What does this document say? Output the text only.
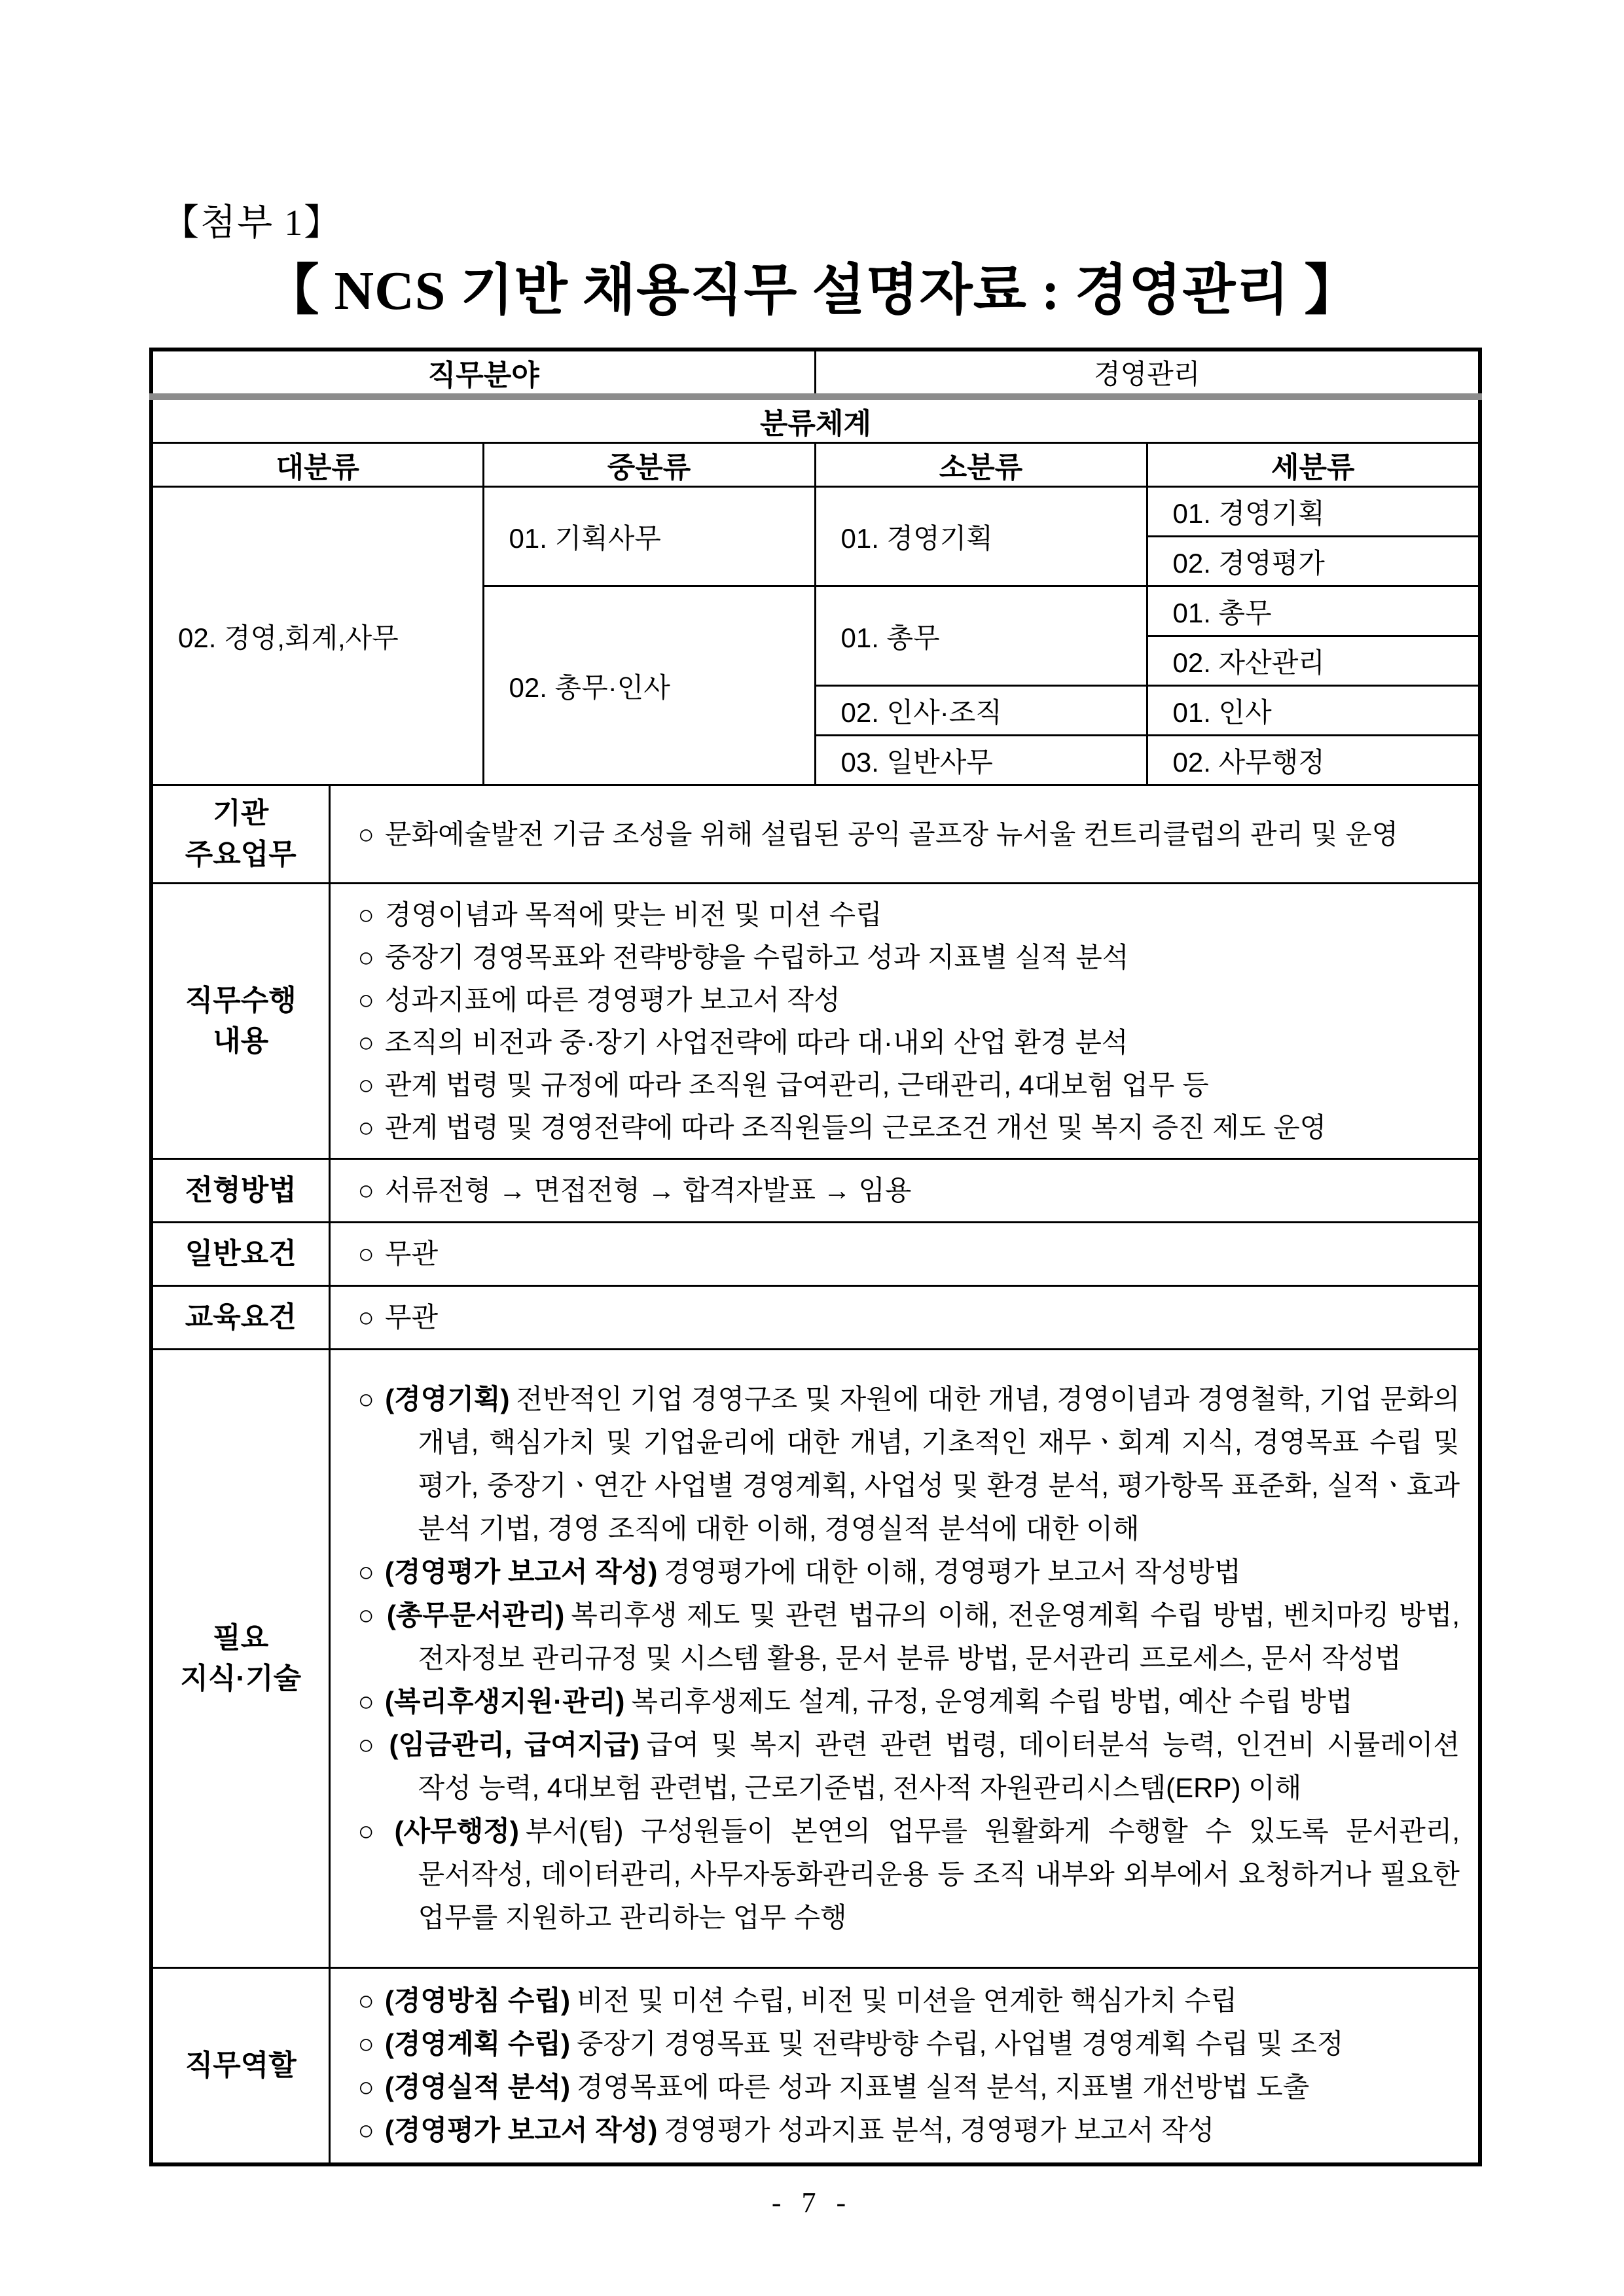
【첨부 1】
【 NCS 기반 채용직무 설명자료 : 경영관리 】
직무분야			경영관리	
분류체계				
대분류		중분류	소분류	세분류
02. 경영,회계,사무		01. 기획사무	01. 경영기획	01. 경영기획
				02. 경영평가
		02. 총무·인사	01. 총무	01. 총무
				02. 자산관리
			02. 인사·조직	01. 인사
			03. 일반사무	02. 사무행정

기관
주요업무	○ 문화예술발전 기금 조성을 위해 설립된 공익 골프장 뉴서울 컨트리클럽의 관리 및 운영			

직무수행
내용

○ 경영이념과 목적에 맞는 비전 및 미션 수립
○ 중장기 경영목표와 전략방향을 수립하고 성과 지표별 실적 분석
○ 성과지표에 따른 경영평가 보고서 작성
○ 조직의 비전과 중·장기 사업전략에 따라 대·내외 산업 환경 분석
○ 관계 법령 및 규정에 따라 조직원 급여관리, 근태관리, 4대보험 업무 등
○ 관계 법령 및 경영전략에 따라 조직원들의 근로조건 개선 및 복지 증진 제도 운영

전형방법	○ 서류전형 → 면접전형 → 합격자발표 → 임용			

일반요건	○ 무관			

교육요건	○ 무관			

필요
지식·기술

○ (경영기획) 전반적인 기업 경영구조 및 자원에 대한 개념, 경영이념과 경영철학, 기업 문화의 개념, 핵심가치 및 기업윤리에 대한 개념, 기초적인 재무ㆍ회계 지식, 경영목표 수립 및 평가, 중장기ㆍ연간 사업별 경영계획, 사업성 및 환경 분석, 평가항목 표준화, 실적ㆍ효과 분석 기법, 경영 조직에 대한 이해, 경영실적 분석에 대한 이해
○ (경영평가 보고서 작성) 경영평가에 대한 이해, 경영평가 보고서 작성방법
○ (총무문서관리) 복리후생 제도 및 관련 법규의 이해, 전운영계획 수립 방법, 벤치마킹 방법, 전자정보 관리규정 및 시스템 활용, 문서 분류 방법, 문서관리 프로세스, 문서 작성법
○ (복리후생지원·관리) 복리후생제도 설계, 규정, 운영계획 수립 방법, 예산 수립 방법
○ (임금관리, 급여지급) 급여 및 복지 관련 관련 법령, 데이터분석 능력, 인건비 시뮬레이션 작성 능력, 4대보험 관련법, 근로기준법, 전사적 자원관리시스템(ERP) 이해
○ (사무행정) 부서(팀) 구성원들이 본연의 업무를 원활화게 수행할 수 있도록 문서관리, 문서작성, 데이터관리, 사무자동화관리운용 등 조직 내부와 외부에서 요청하거나 필요한 업무를 지원하고 관리하는 업무 수행

직무역할	○ (경영방침 수립) 비전 및 미션 수립, 비전 및 미션을 연계한 핵심가치 수립
○ (경영계획 수립) 중장기 경영목표 및 전략방향 수립, 사업별 경영계획 수립 및 조정
○ (경영실적 분석) 경영목표에 따른 성과 지표별 실적 분석, 지표별 개선방법 도출
○ (경영평가 보고서 작성) 경영평가 성과지표 분석, 경영평가 보고서 작성			
- 7 -
